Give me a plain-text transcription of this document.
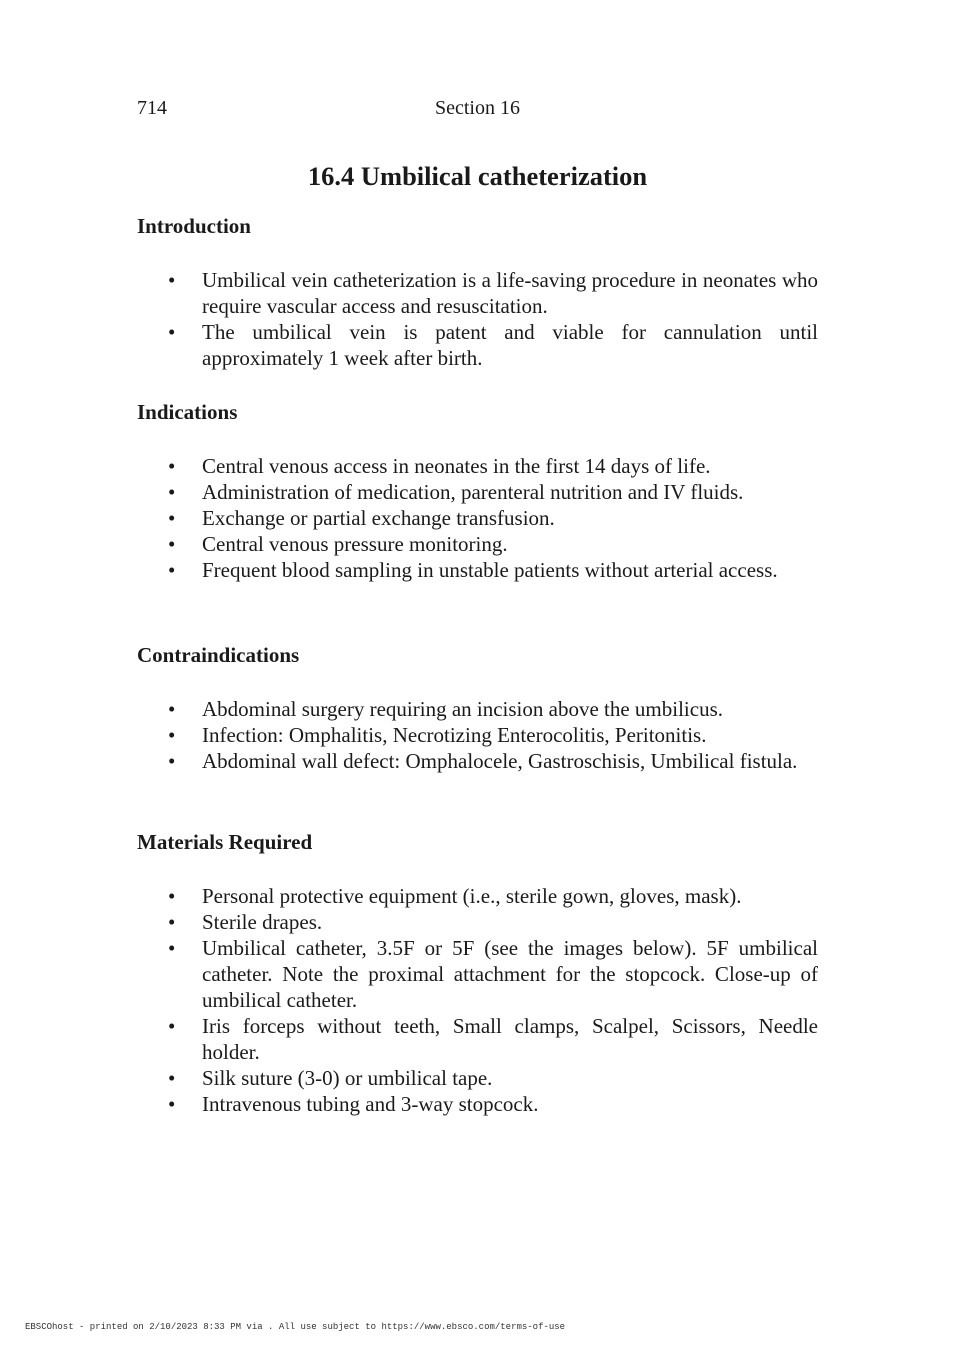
714	Section 16
16.4 Umbilical catheterization
Introduction
• Umbilical vein catheterization is a life-saving procedure in neonates who require vascular access and resuscitation.
• The umbilical vein is patent and viable for cannulation until approximately 1 week after birth.
Indications
• Central venous access in neonates in the first 14 days of life.
• Administration of medication, parenteral nutrition and IV fluids.
• Exchange or partial exchange transfusion.
• Central venous pressure monitoring.
• Frequent blood sampling in unstable patients without arterial access.
Contraindications
• Abdominal surgery requiring an incision above the umbilicus.
• Infection: Omphalitis, Necrotizing Enterocolitis, Peritonitis.
• Abdominal wall defect: Omphalocele, Gastroschisis, Umbilical fistula.
Materials Required
• Personal protective equipment (i.e., sterile gown, gloves, mask).
• Sterile drapes.
• Umbilical catheter, 3.5F or 5F (see the images below). 5F umbilical catheter. Note the proximal attachment for the stopcock. Close-up of umbilical catheter.
• Iris forceps without teeth, Small clamps, Scalpel, Scissors, Needle holder.
• Silk suture (3-0) or umbilical tape.
• Intravenous tubing and 3-way stopcock.
EBSCOhost - printed on 2/10/2023 8:33 PM via . All use subject to https://www.ebsco.com/terms-of-use
